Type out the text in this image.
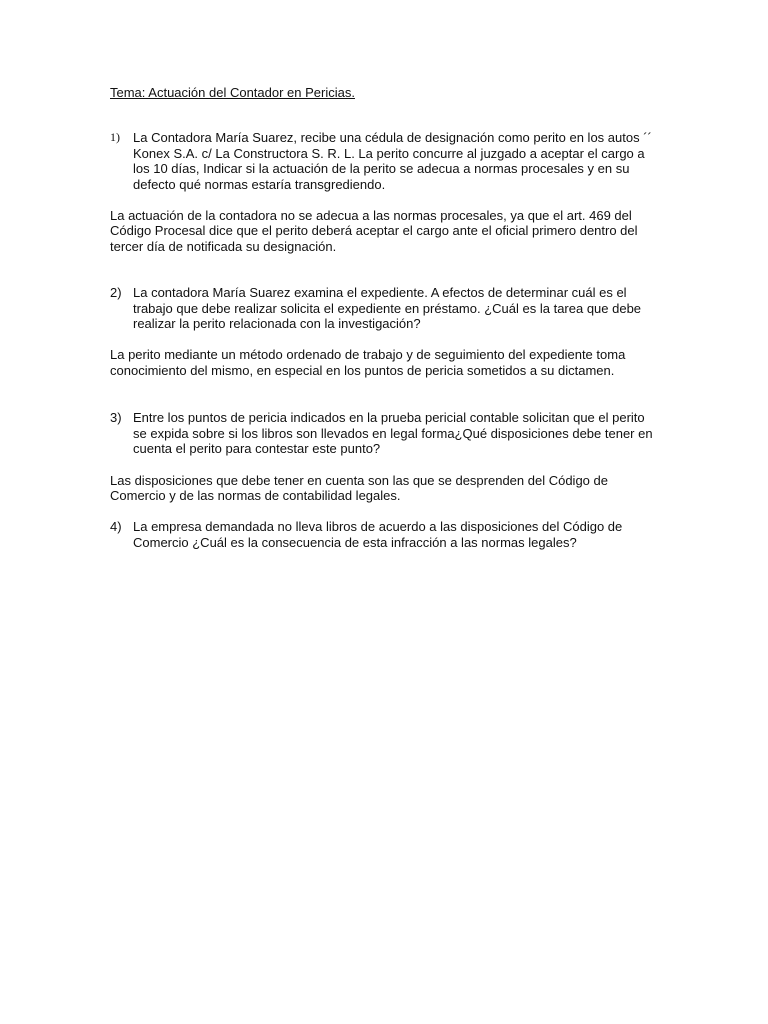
Tema: Actuación del Contador en Pericias.

1) La Contadora María Suarez, recibe una cédula de designación como perito en los autos ´´ Konex S.A. c/ La Constructora S. R. L. La perito concurre al juzgado a aceptar el cargo a los 10 días, Indicar si la actuación de la perito se adecua a normas procesales y en su defecto qué normas estaría transgrediendo.

La actuación de la contadora no se adecua a las normas procesales, ya que el art. 469 del Código Procesal dice que el perito deberá aceptar el cargo ante el oficial primero dentro del tercer día de notificada su designación.

2) La contadora María Suarez examina el expediente. A efectos de determinar cuál es el trabajo que debe realizar solicita el expediente en préstamo. ¿Cuál es la tarea que debe realizar la perito relacionada con la investigación?

La perito mediante un método ordenado de trabajo y de seguimiento del expediente toma conocimiento del mismo, en especial en los puntos de pericia sometidos a su dictamen.

3) Entre los puntos de pericia indicados en la prueba pericial contable solicitan que el perito se expida sobre si los libros son llevados en legal forma¿Qué disposiciones debe tener en cuenta el perito para contestar este punto?

Las disposiciones que debe tener en cuenta son las que se desprenden del Código de Comercio y de las normas de contabilidad legales.

4) La empresa demandada no lleva libros de acuerdo a las disposiciones del Código de Comercio ¿Cuál es la consecuencia de esta infracción a las normas legales?
